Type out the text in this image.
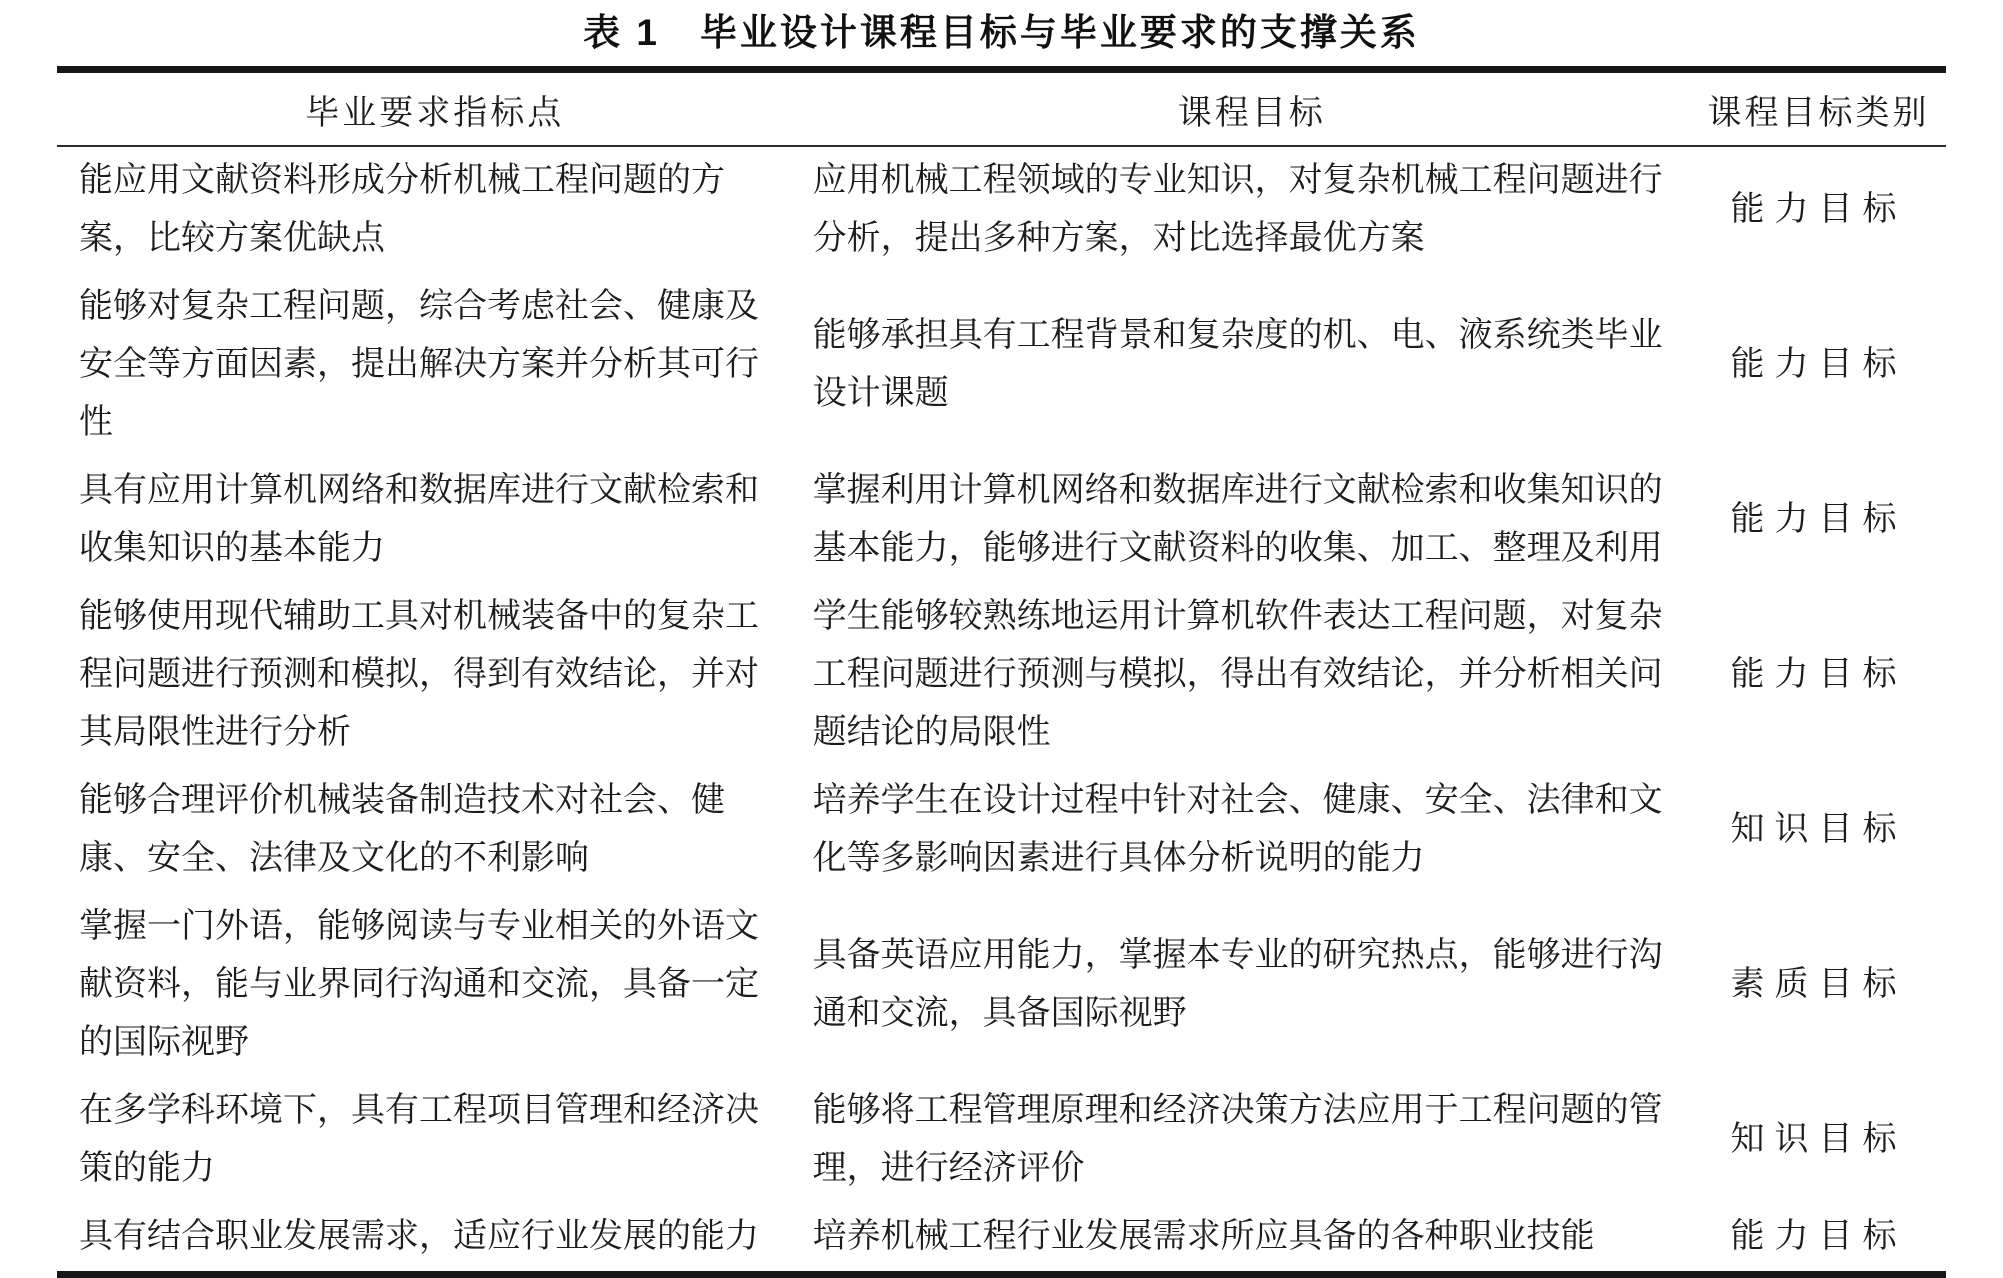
表 1　毕业设计课程目标与毕业要求的支撑关系
毕业要求指标点	课程目标	课程目标类别
能应用文献资料形成分析机械工程问题的方案，比较方案优缺点	应用机械工程领域的专业知识，对复杂机械工程问题进行分析，提出多种方案，对比选择最优方案	能力目标
能够对复杂工程问题，综合考虑社会、健康及安全等方面因素，提出解决方案并分析其可行性	能够承担具有工程背景和复杂度的机、电、液系统类毕业设计课题	能力目标
具有应用计算机网络和数据库进行文献检索和收集知识的基本能力	掌握利用计算机网络和数据库进行文献检索和收集知识的基本能力，能够进行文献资料的收集、加工、整理及利用	能力目标
能够使用现代辅助工具对机械装备中的复杂工程问题进行预测和模拟，得到有效结论，并对其局限性进行分析	学生能够较熟练地运用计算机软件表达工程问题，对复杂工程问题进行预测与模拟，得出有效结论，并分析相关问题结论的局限性	能力目标
能够合理评价机械装备制造技术对社会、健康、安全、法律及文化的不利影响	培养学生在设计过程中针对社会、健康、安全、法律和文化等多影响因素进行具体分析说明的能力	知识目标
掌握一门外语，能够阅读与专业相关的外语文献资料，能与业界同行沟通和交流，具备一定的国际视野	具备英语应用能力，掌握本专业的研究热点，能够进行沟通和交流，具备国际视野	素质目标
在多学科环境下，具有工程项目管理和经济决策的能力	能够将工程管理原理和经济决策方法应用于工程问题的管理，进行经济评价	知识目标
具有结合职业发展需求，适应行业发展的能力	培养机械工程行业发展需求所应具备的各种职业技能	能力目标
